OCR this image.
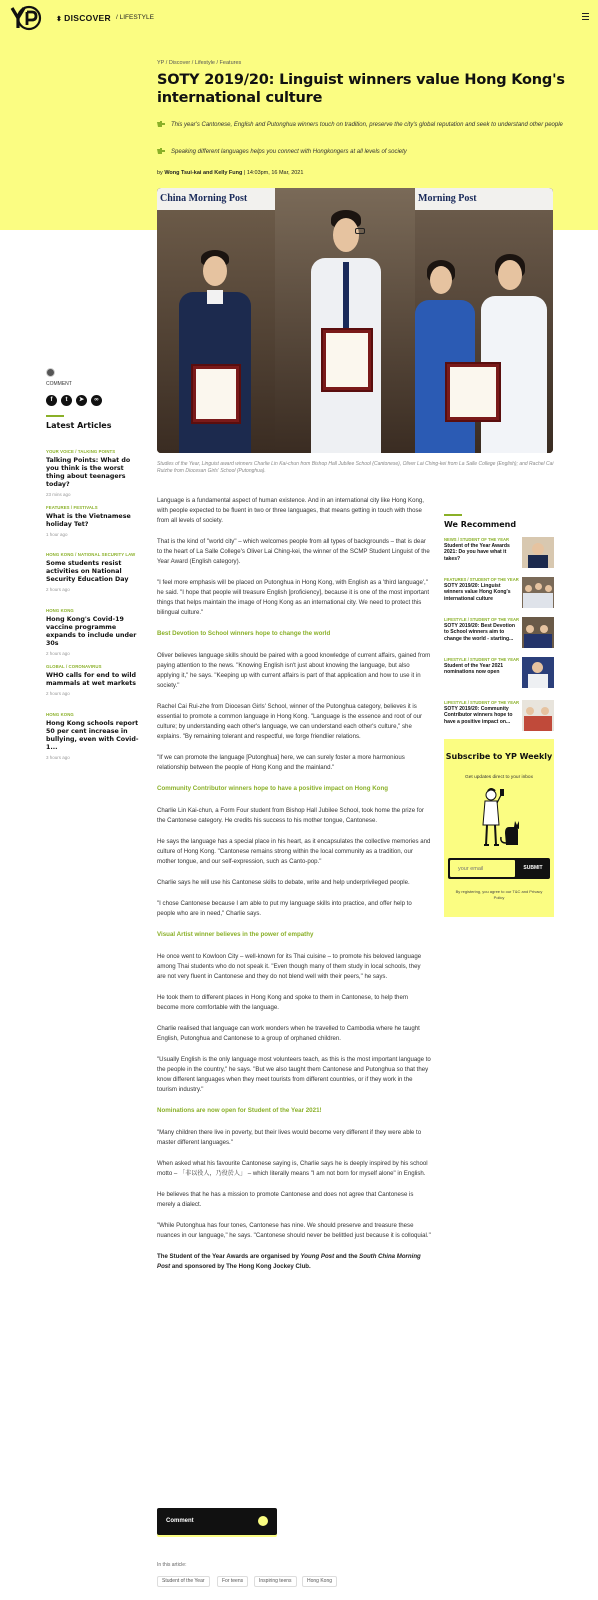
⬍ DISCOVER / LIFESTYLE
YP / Discover / Lifestyle / Features
SOTY 2019/20: Linguist winners value Hong Kong's international culture
This year's Cantonese, English and Putonghua winners touch on tradition, preserve the city's global reputation and seek to understand other people
Speaking different languages helps you connect with Hongkongers at all levels of society
by Wong Tsui-kai and Kelly Fung | 14:03pm, 16 Mar, 2021
China Morning Post	Morning Post
Studies of the Year, Linguist award winners Charlie Lin Kai-chun from Bishop Hall Jubilee School (Cantonese), Oliver Lai Ching-kei from La Salle College (English); and Rachel Cai Ruizhe from Diocesan Girls' School (Putonghua).
COMMENT
f	t	➤	∞
Latest Articles
YOUR VOICE / TALKING POINTS
Talking Points: What do you think is the worst thing about teenagers today?
23 mins ago
FEATURES / FESTIVALS
What is the Vietnamese holiday Tet?
1 hour ago
HONG KONG / NATIONAL SECURITY LAW
Some students resist activities on National Security Education Day
2 hours ago
HONG KONG
Hong Kong's Covid-19 vaccine programme expands to include under 30s
2 hours ago
GLOBAL / CORONAVIRUS
WHO calls for end to wild mammals at wet markets
2 hours ago
HONG KONG
Hong Kong schools report 50 per cent increase in bullying, even with Covid-1...
3 hours ago

Language is a fundamental aspect of human existence. And in an international city like Hong Kong, with people expected to be fluent in two or three languages, that means getting in touch with those from all levels of society.

That is the kind of "world city" – which welcomes people from all types of backgrounds – that is dear to the heart of La Salle College's Oliver Lai Ching-kei, the winner of the SCMP Student Linguist of the Year Award (English category).

"I feel more emphasis will be placed on Putonghua in Hong Kong, with English as a 'third language'," he said. "I hope that people will treasure English [proficiency], because it is one of the most important things that helps maintain the image of Hong Kong as an international city. We need to protect this bilingual culture."

Best Devotion to School winners hope to change the world

Oliver believes language skills should be paired with a good knowledge of current affairs, gained from paying attention to the news. "Knowing English isn't just about knowing the language, but also applying it," he says. "Keeping up with current affairs is part of that application and how to use it in society."

Rachel Cai Rui-zhe from Diocesan Girls' School, winner of the Putonghua category, believes it is essential to promote a common language in Hong Kong. "Language is the essence and root of our culture; by understanding each other's language, we can understand each other's culture," she explains. "By remaining tolerant and respectful, we forge friendlier relations.

"If we can promote the language [Putonghua] here, we can surely foster a more harmonious relationship between the people of Hong Kong and the mainland."

Community Contributor winners hope to have a positive impact on Hong Kong

Charlie Lin Kai-chun, a Form Four student from Bishop Hall Jubilee School, took home the prize for the Cantonese category. He credits his success to his mother tongue, Cantonese.

He says the language has a special place in his heart, as it encapsulates the collective memories and culture of Hong Kong. "Cantonese remains strong within the local community as a tradition, our mother tongue, and our self-expression, such as Canto-pop."

Charlie says he will use his Cantonese skills to debate, write and help underprivileged people.

"I chose Cantonese because I am able to put my language skills into practice, and offer help to people who are in need," Charlie says.

Visual Artist winner believes in the power of empathy

He once went to Kowloon City – well-known for its Thai cuisine – to promote his beloved language among Thai students who do not speak it. "Even though many of them study in local schools, they are not very fluent in Cantonese and they do not blend well with their peers," he says.

He took them to different places in Hong Kong and spoke to them in Cantonese, to help them become more comfortable with the language.

Charlie realised that language can work wonders when he travelled to Cambodia where he taught English, Putonghua and Cantonese to a group of orphaned children.

"Usually English is the only language most volunteers teach, as this is the most important language to the people in the country," he says. "But we also taught them Cantonese and Putonghua so that they know different languages when they meet tourists from different countries, or if they work in the tourism industry."

Nominations are now open for Student of the Year 2021!

"Many children there live in poverty, but their lives would become very different if they were able to master different languages."

When asked what his favourite Cantonese saying is, Charlie says he is deeply inspired by his school motto – 「非以役人，乃役於人」 – which literally means "I am not born for myself alone" in English.

He believes that he has a mission to promote Cantonese and does not agree that Cantonese is merely a dialect.

"While Putonghua has four tones, Cantonese has nine. We should preserve and treasure these nuances in our language," he says. "Cantonese should never be belittled just because it is colloquial."

The Student of the Year Awards are organised by Young Post and the South China Morning Post and sponsored by The Hong Kong Jockey Club.

Comment
In this article:
Student of the Year	For teens	Inspiring teens	Hong Kong
We Recommend
NEWS / STUDENT OF THE YEAR
Student of the Year Awards 2021: Do you have what it takes?
FEATURES / STUDENT OF THE YEAR
SOTY 2019/20: Linguist winners value Hong Kong's international culture
LIFESTYLE / STUDENT OF THE YEAR
SOTY 2019/20: Best Devotion to School winners aim to change the world - starting...
LIFESTYLE / STUDENT OF THE YEAR
Student of the Year 2021 nominations now open
LIFESTYLE / STUDENT OF THE YEAR
SOTY 2019/20: Community Contributor winners hope to have a positive impact on...
Subscribe to YP Weekly
Get updates direct to your inbox
your email
SUBMIT
By registering, you agree to our T&C and Privacy Policy
